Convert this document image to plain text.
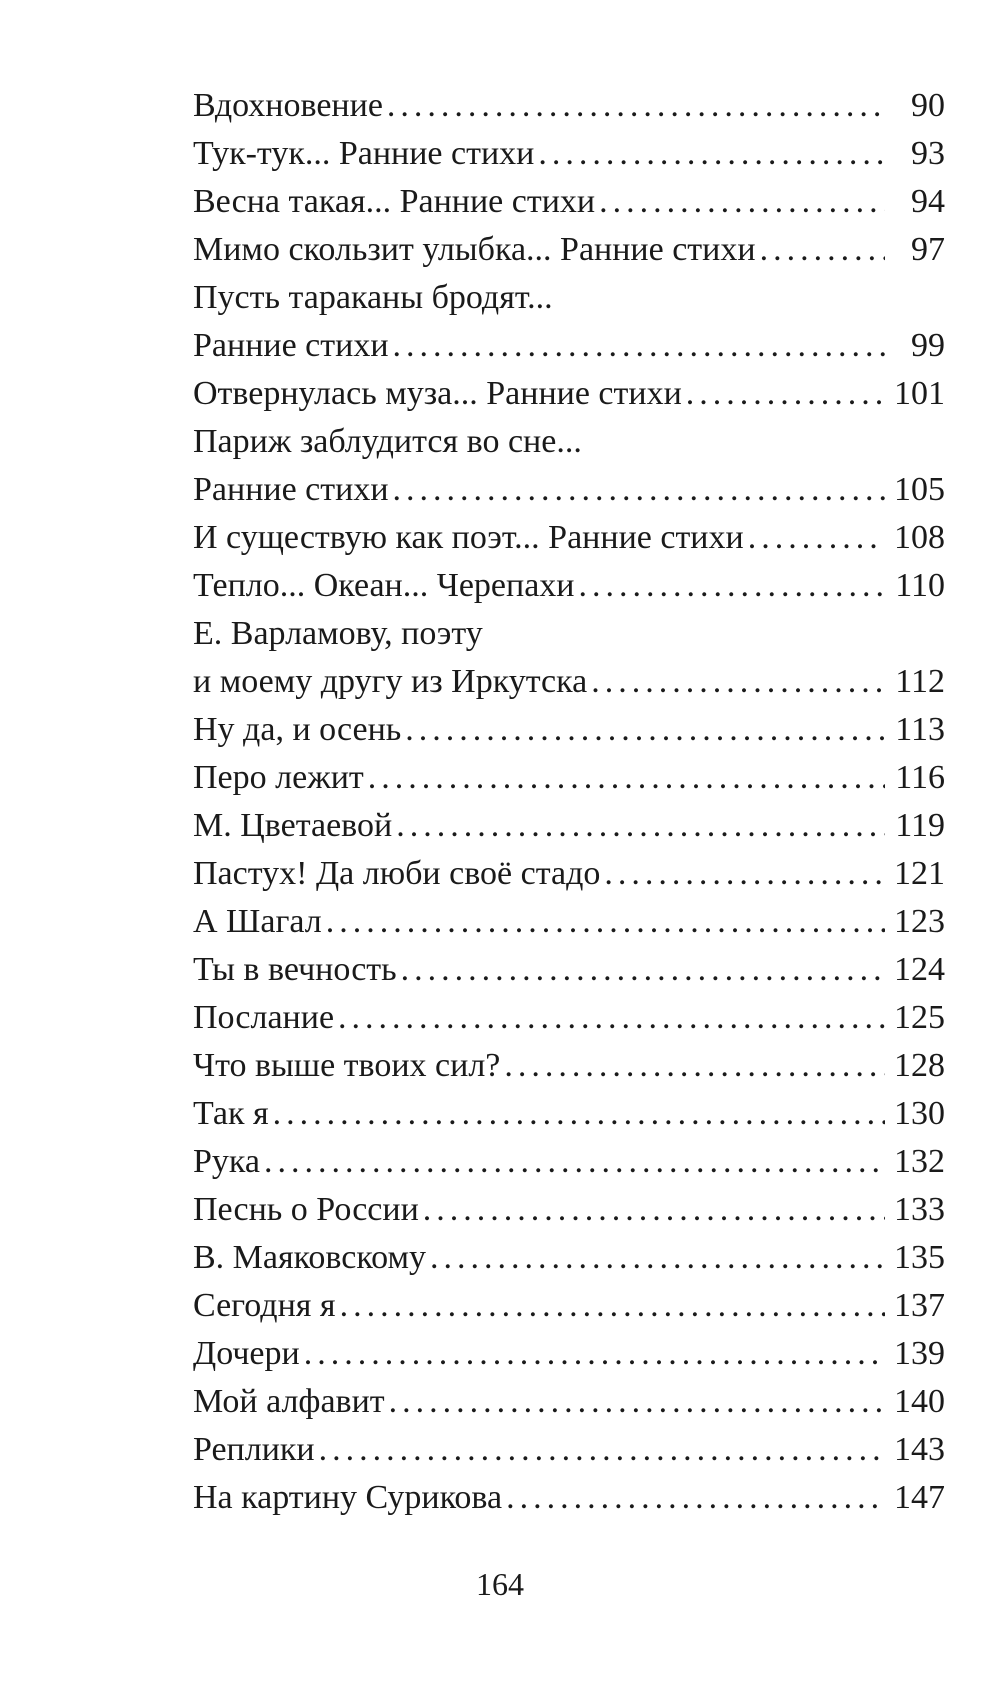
Вдохновение .....	90
Тук-тук... Ранние стихи .....	93
Весна такая... Ранние стихи .....	94
Мимо скользит улыбка... Ранние стихи .....	97
Пусть тараканы бродят...
Ранние стихи .....	99
Отвернулась муза... Ранние стихи .....	101
Париж заблудится во сне...
Ранние стихи .....	105
И существую как поэт... Ранние стихи .....	108
Тепло... Океан... Черепахи .....	110
Е. Варламову, поэту
и моему другу из Иркутска .....	112
Ну да, и осень .....	113
Перо лежит .....	116
М. Цветаевой .....	119
Пастух! Да люби своё стадо .....	121
А Шагал .....	123
Ты в вечность .....	124
Послание .....	125
Что выше твоих сил? .....	128
Так я .....	130
Рука .....	132
Песнь о России .....	133
В. Маяковскому .....	135
Сегодня я .....	137
Дочери .....	139
Мой алфавит .....	140
Реплики .....	143
На картину Сурикова .....	147
164
